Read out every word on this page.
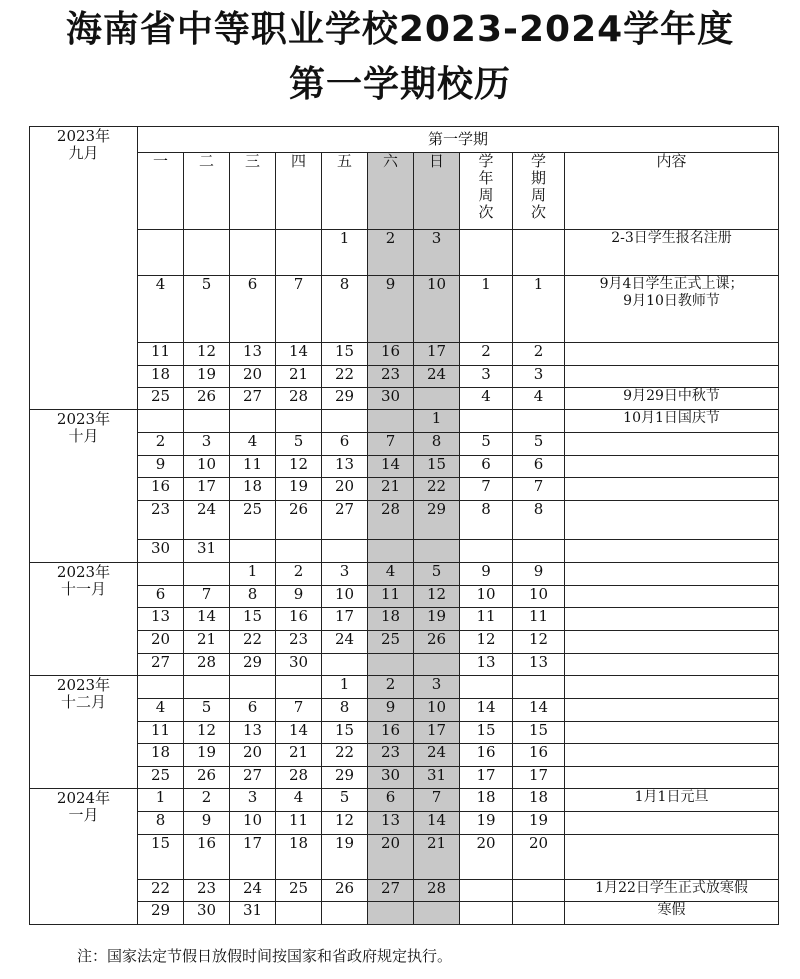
海南省中等职业学校2023-2024学年度
第一学期校历
2023年
九月	第一学期									
	一	二	三	四	五	六	日	学
年
周
次	学
期
周
次	内容
					1	2	3			2-3日学生报名注册
	4	5	6	7	8	9	10	1	1	9月4日学生正式上课；
9月10日教师节
	11	12	13	14	15	16	17	2	2	
	18	19	20	21	22	23	24	3	3	
	25	26	27	28	29	30		4	4	9月29日中秋节
2023年
十月							1			10月1日国庆节
	2	3	4	5	6	7	8	5	5	
	9	10	11	12	13	14	15	6	6	
	16	17	18	19	20	21	22	7	7	
	23	24	25	26	27	28	29	8	8	
	30	31								
2023年
十一月			1	2	3	4	5	9	9	
	6	7	8	9	10	11	12	10	10	
	13	14	15	16	17	18	19	11	11	
	20	21	22	23	24	25	26	12	12	
	27	28	29	30				13	13	
2023年
十二月					1	2	3			
	4	5	6	7	8	9	10	14	14	
	11	12	13	14	15	16	17	15	15	
	18	19	20	21	22	23	24	16	16	
	25	26	27	28	29	30	31	17	17	
2024年
一月	1	2	3	4	5	6	7	18	18	1月1日元旦
	8	9	10	11	12	13	14	19	19	
	15	16	17	18	19	20	21	20	20	
	22	23	24	25	26	27	28			1月22日学生正式放寒假
	29	30	31							寒假
注：国家法定节假日放假时间按国家和省政府规定执行。
